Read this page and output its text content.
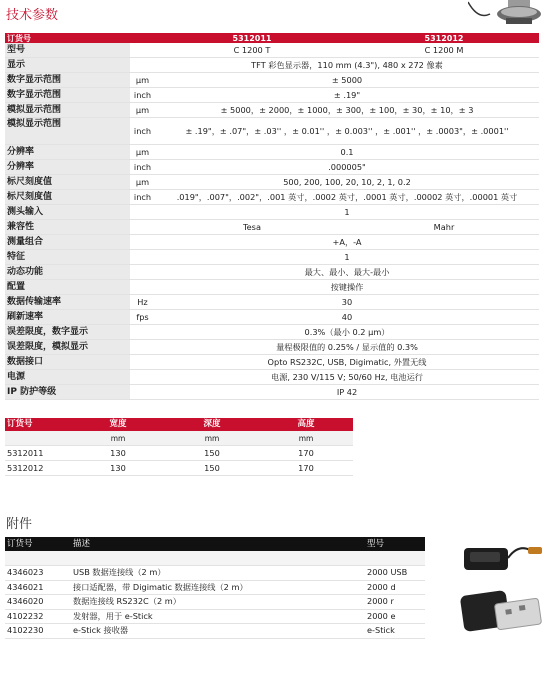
技术参数
订货号		5312011	5312012
型号		C 1200 T	C 1200 M
显示		TFT 彩色显示器，110 mm (4.3"), 480 x 272 像素	
数字显示范围	µm	± 5000	
数字显示范围	inch	± .19"	
模拟显示范围	µm	± 5000，± 2000，± 1000，± 300，± 100，± 30，± 10，± 3	
模拟显示范围	inch	± .19"，± .07"，± .03'' ，± 0.01'' ，± 0.003'' ，± .001'' ，± .0003"，± .0001''	
分辨率	µm	0.1	
分辨率	inch	.000005"	
标尺刻度值	µm	500, 200, 100, 20, 10, 2, 1, 0.2	
标尺刻度值	inch	.019"，.007"，.002"，.001 英寸，.0002 英寸，.0001 英寸，.00002 英寸，.00001 英寸	
测头输入		1	
兼容性		Tesa	Mahr
测量组合		+A，-A	
特征		1	
动态功能		最大、最小、最大-最小	
配置		按键操作	
数据传输速率	Hz	30	
刷新速率	fps	40	
误差限度，数字显示		0.3%（最小 0.2 µm）	
误差限度，模拟显示		量程极限值的 0.25% / 显示值的 0.3%	
数据接口		Opto RS232C, USB, Digimatic, 外置无线	
电源		电源, 230 V/115 V; 50/60 Hz, 电池运行	
IP 防护等级		IP 42	
订货号	宽度	深度	高度
	mm	mm	mm
5312011	130	150	170
5312012	130	150	170
附件
订货号	描述	型号

4346023	USB 数据连接线（2 m）	2000 USB
4346021	接口适配器，带 Digimatic 数据连接线（2 m）	2000 d
4346020	数据连接线 RS232C（2 m）	2000 r
4102232	发射器，用于 e-Stick	2000 e
4102230	e-Stick 接收器	e-Stick
